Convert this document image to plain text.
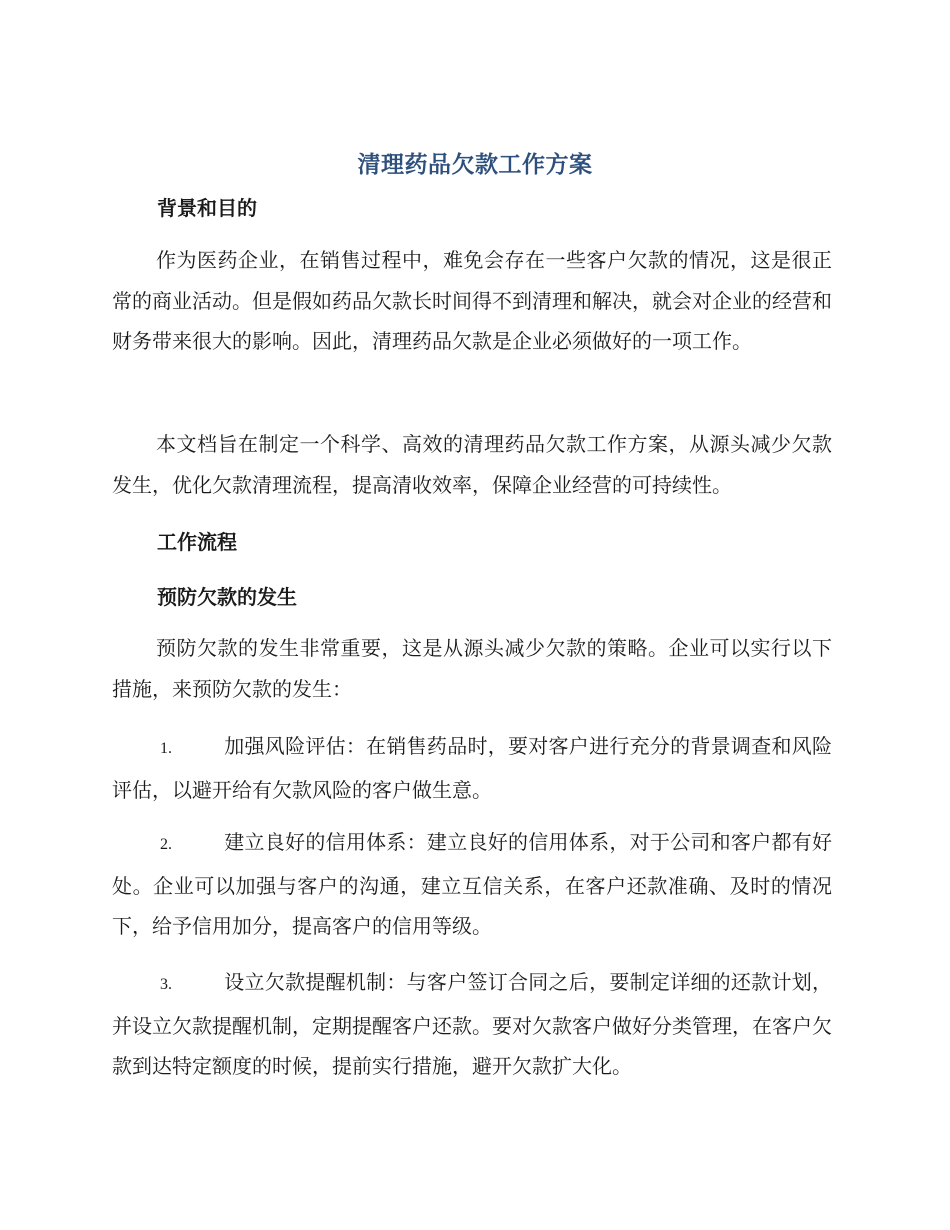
清理药品欠款工作方案
背景和目的
作为医药企业，在销售过程中，难免会存在一些客户欠款的情况，这是很正常的商业活动。但是假如药品欠款长时间得不到清理和解决，就会对企业的经营和财务带来很大的影响。因此，清理药品欠款是企业必须做好的一项工作。
本文档旨在制定一个科学、高效的清理药品欠款工作方案，从源头减少欠款发生，优化欠款清理流程，提高清收效率，保障企业经营的可持续性。
工作流程
预防欠款的发生
预防欠款的发生非常重要，这是从源头减少欠款的策略。企业可以实行以下措施，来预防欠款的发生：
1.	加强风险评估：在销售药品时，要对客户进行充分的背景调查和风险评估，以避开给有欠款风险的客户做生意。
2.	建立良好的信用体系：建立良好的信用体系，对于公司和客户都有好处。企业可以加强与客户的沟通，建立互信关系，在客户还款准确、及时的情况下，给予信用加分，提高客户的信用等级。
3.	设立欠款提醒机制：与客户签订合同之后，要制定详细的还款计划，并设立欠款提醒机制，定期提醒客户还款。要对欠款客户做好分类管理，在客户欠款到达特定额度的时候，提前实行措施，避开欠款扩大化。
